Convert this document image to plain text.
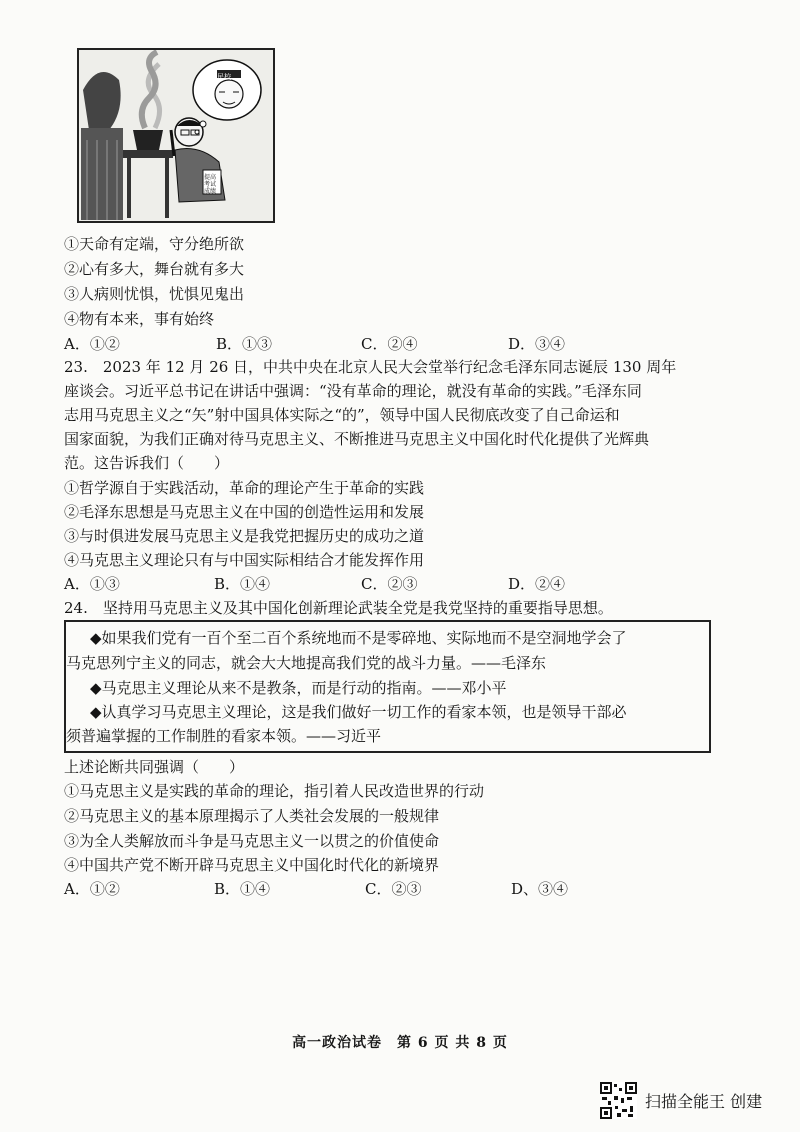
民校
提高考试成绩
①天命有定端，守分绝所欲
②心有多大，舞台就有多大
③人病则忧惧，忧惧见鬼出
④物有本来，事有始终
A．①②	B．①③	C．②④	D．③④
23.　2023 年 12 月 26 日，中共中央在北京人民大会堂举行纪念毛泽东同志诞辰 130 周年
座谈会。习近平总书记在讲话中强调：“没有革命的理论，就没有革命的实践。”毛泽东同
志用马克思主义之“矢”射中国具体实际之“的”，领导中国人民彻底改变了自己命运和
国家面貌，为我们正确对待马克思主义、不断推进马克思主义中国化时代化提供了光辉典
范。这告诉我们（　　）
①哲学源自于实践活动，革命的理论产生于革命的实践
②毛泽东思想是马克思主义在中国的创造性运用和发展
③与时俱进发展马克思主义是我党把握历史的成功之道
④马克思主义理论只有与中国实际相结合才能发挥作用
A．①③	B．①④	C．②③	D．②④
24.　坚持用马克思主义及其中国化创新理论武装全党是我党坚持的重要指导思想。
◆如果我们党有一百个至二百个系统地而不是零碎地、实际地而不是空洞地学会了
马克思列宁主义的同志，就会大大地提高我们党的战斗力量。——毛泽东
◆马克思主义理论从来不是教条，而是行动的指南。——邓小平
◆认真学习马克思主义理论，这是我们做好一切工作的看家本领，也是领导干部必
须普遍掌握的工作制胜的看家本领。——习近平
上述论断共同强调（　　）
①马克思主义是实践的革命的理论，指引着人民改造世界的行动
②马克思主义的基本原理揭示了人类社会发展的一般规律
③为全人类解放而斗争是马克思主义一以贯之的价值使命
④中国共产党不断开辟马克思主义中国化时代化的新境界
A．①②	B．①④	C．②③	D、③④
高一政治试卷　第 6 页 共 8 页
扫描全能王 创建
